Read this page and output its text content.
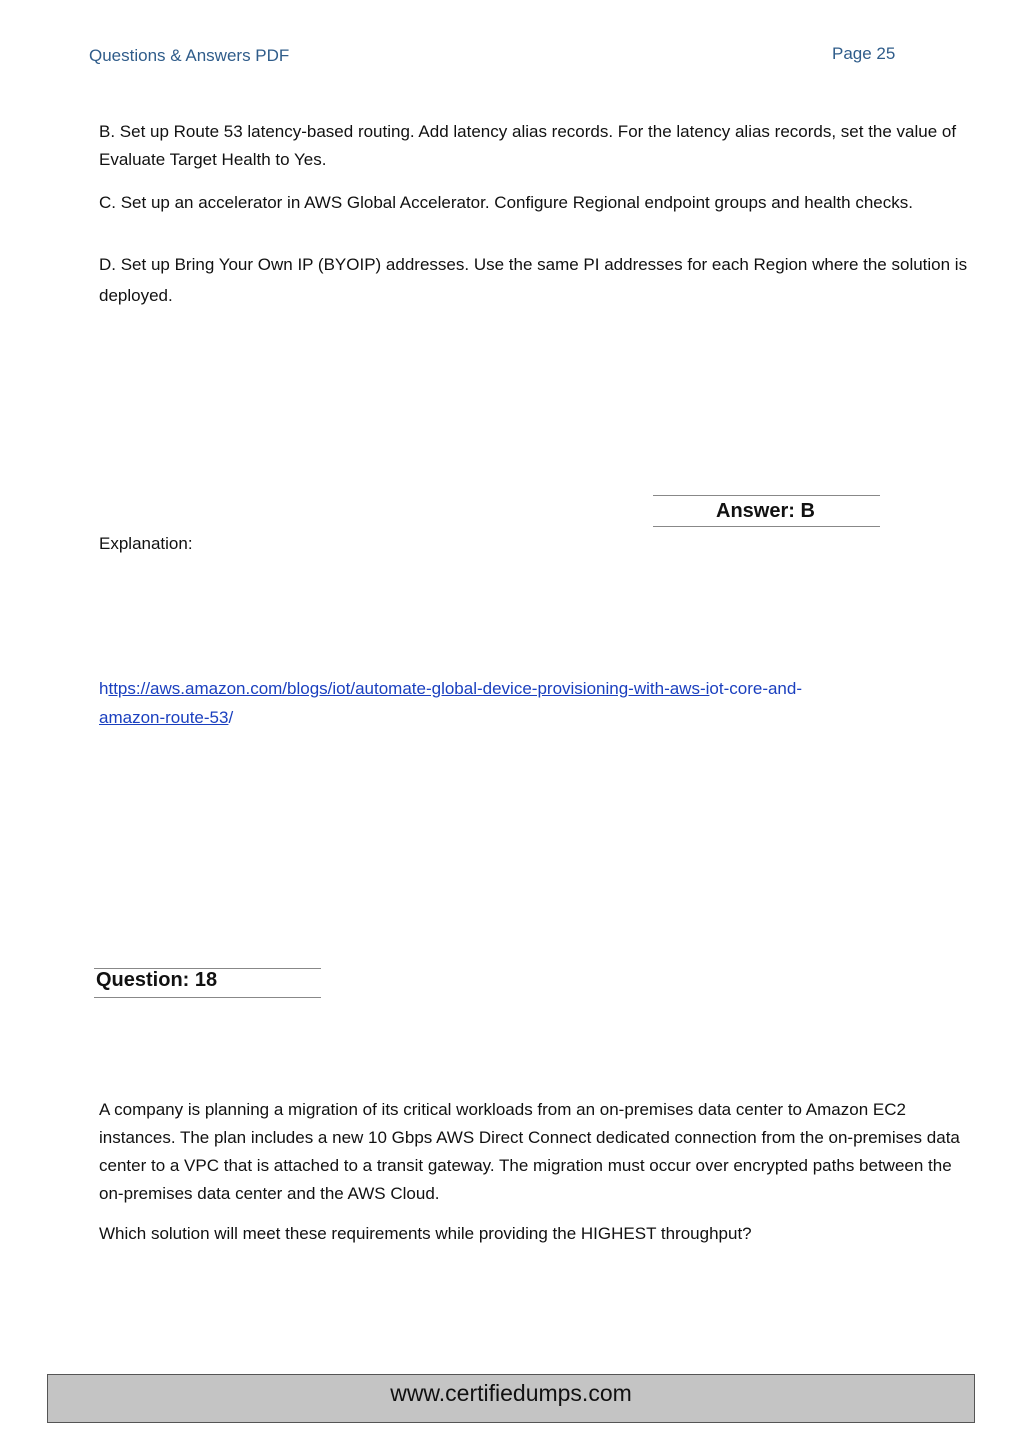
Questions & Answers PDF	Page 25
B. Set up Route 53 latency-based routing. Add latency alias records. For the latency alias records, set the value of Evaluate Target Health to Yes.
C. Set up an accelerator in AWS Global Accelerator. Configure Regional endpoint groups and health checks.
D. Set up Bring Your Own IP (BYOIP) addresses. Use the same PI addresses for each Region where the solution is deployed.
Answer: B
Explanation:
https://aws.amazon.com/blogs/iot/automate-global-device-provisioning-with-aws-iot-core-and-
amazon-route-53/
Question: 18
A company is planning a migration of its critical workloads from an on-premises data center to Amazon EC2 instances. The plan includes a new 10 Gbps AWS Direct Connect dedicated connection from the on-premises data center to a VPC that is attached to a transit gateway. The migration must occur over encrypted paths between the on-premises data center and the AWS Cloud.
Which solution will meet these requirements while providing the HIGHEST throughput?
www.certifiedumps.com
